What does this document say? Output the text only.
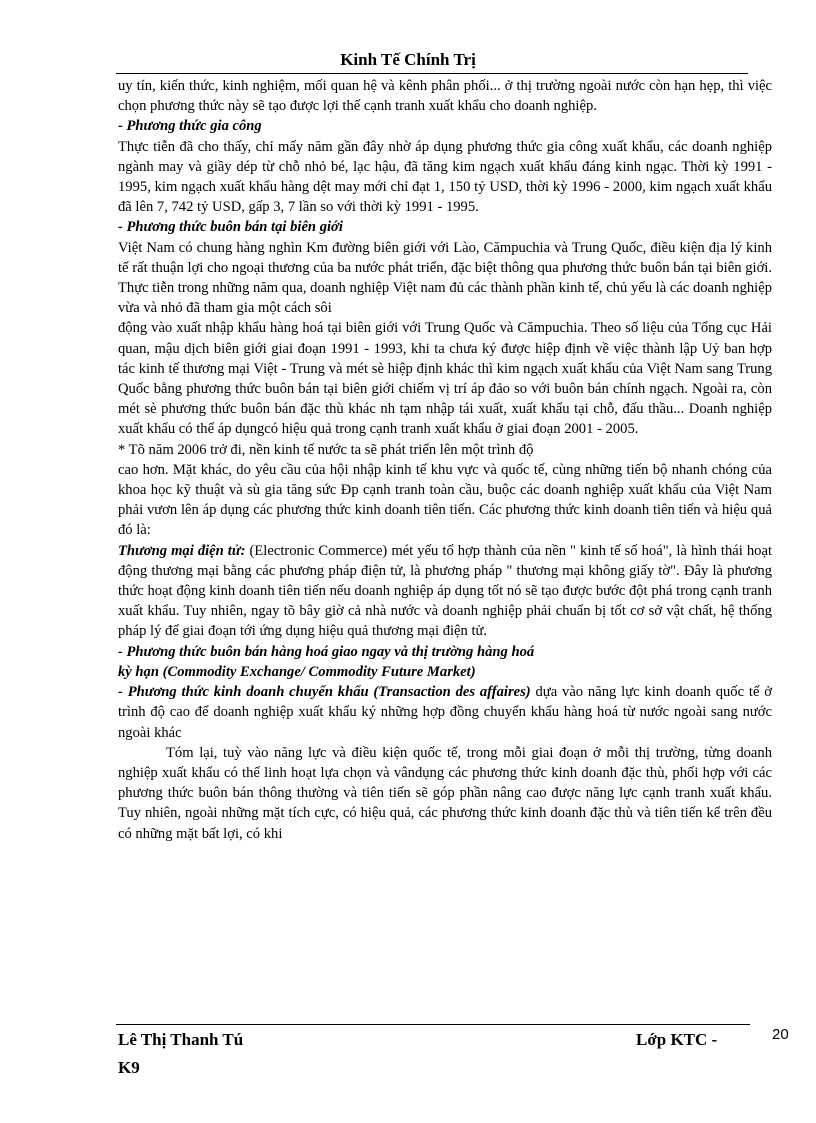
Kinh Tế Chính Trị

uy tín, kiến thức, kinh nghiệm, mối quan hệ và kênh phân phối... ở thị trường ngoài nước còn hạn hẹp, thì việc chọn phương thức này sẽ tạo được lợi thế cạnh tranh xuất khẩu cho doanh nghiệp.

- Phương thức gia công

Thực tiễn đã cho thấy, chỉ mấy năm gần đây nhờ áp dụng phương thức gia công xuất khẩu, các doanh nghiệp ngành may và giầy dép từ chỗ nhỏ bé, lạc hậu, đã tăng kim ngạch xuất khẩu đáng kinh ngạc. Thời kỳ 1991 - 1995, kim ngạch xuất khẩu hàng dệt may mới chỉ đạt 1, 150 tỷ USD, thời kỳ 1996 - 2000, kim ngạch xuất khẩu đã lên 7, 742 tỷ USD, gấp 3, 7 lần so với thời kỳ 1991 - 1995.

- Phương thức buôn bán tại biên giới

Việt Nam có chung hàng nghìn Km đường biên giới với Lào, Cămpuchia và Trung Quốc, điều kiện địa lý kinh tế rất thuận lợi cho ngoại thương của ba nước phát triển, đặc biệt thông qua phương thức buôn bán tại biên giới. Thực tiễn trong những năm qua, doanh nghiệp Việt nam đủ các thành phần kinh tế, chủ yếu là các doanh nghiệp vừa và nhỏ đã tham gia một cách sôi

động vào xuất nhập khẩu hàng hoá tại biên giới với Trung Quốc và Cămpuchia. Theo số liệu của Tổng cục Hải quan, mậu dịch biên giới giai đoạn 1991 - 1993, khi ta chưa ký được hiệp định về việc thành lập Uỷ ban hợp tác kinh tế thương mại Việt - Trung và mét sè hiệp định khác thì kim ngạch xuất khẩu của Việt Nam sang Trung Quốc bằng phương thức buôn bán tại biên giới chiếm vị trí áp đảo so với buôn bán chính ngạch. Ngoài ra, còn mét sè phương thức buôn bán đặc thù khác nh tạm nhập tái xuất, xuất khẩu tại chỗ, đấu thầu... Doanh nghiệp xuất khẩu có thể áp dụngcó hiệu quả trong cạnh tranh xuất khẩu ở giai đoạn 2001 - 2005.

* Tõ năm 2006 trở đi, nền kinh tế nước ta sẽ phát triển lên một trình độ

cao hơn. Mặt khác, do yêu cầu của hội nhập kinh tế khu vực và quốc tế, cùng những tiến bộ nhanh chóng của khoa học kỹ thuật và sù gia tăng sức Ðp cạnh tranh toàn cầu, buộc các doanh nghiệp xuất khẩu của Việt Nam phải vươn lên áp dụng các phương thức kinh doanh tiên tiến. Các phương thức kinh doanh tiên tiến và hiệu quả đó là:

Thương mại điện tử: (Electronic Commerce) mét yếu tố hợp thành của nền " kinh tế số hoá", là hình thái hoạt động thương mại bằng các phương pháp điện tử, là phương pháp " thương mại không giấy tờ". Đây là phương thức hoạt động kinh doanh tiên tiến nếu doanh nghiệp áp dụng tốt nó sẽ tạo được bước đột phá trong cạnh tranh xuất khẩu. Tuy nhiên, ngay tõ bây giờ cả nhà nước và doanh nghiệp phải chuẩn bị tốt cơ sở vật chất, hệ thống pháp lý để giai đoạn tới ứng dụng hiệu quả thương mại điện tử.

- Phương thức buôn bán hàng hoá giao ngay và thị trường hàng hoá

kỳ hạn (Commodity Exchange/ Commodity Future Market)

- Phương thức kinh doanh chuyển khẩu (Transaction des affaires) dựa vào năng lực kinh doanh quốc tế ở trình độ cao để doanh nghiệp xuất khẩu ký những hợp đồng chuyển khẩu hàng hoá từ nước ngoài sang nước ngoài khác

Tóm lại, tuỳ vào năng lực và điều kiện quốc tế, trong mỗi giai đoạn ở mỗi thị trường, từng doanh nghiệp xuất khẩu có thể linh hoạt lựa chọn và vândụng các phương thức kinh doanh đặc thù, phối hợp với các phương thức buôn bán thông thường và tiên tiến sẽ góp phần nâng cao được năng lực cạnh tranh xuất khẩu. Tuy nhiên, ngoài những mặt tích cực, có hiệu quả, các phương thức kinh doanh đặc thù và tiên tiến kể trên đều có những mặt bất lợi, có khi

Lê Thị Thanh Tú
K9
Lớp KTC -	20
